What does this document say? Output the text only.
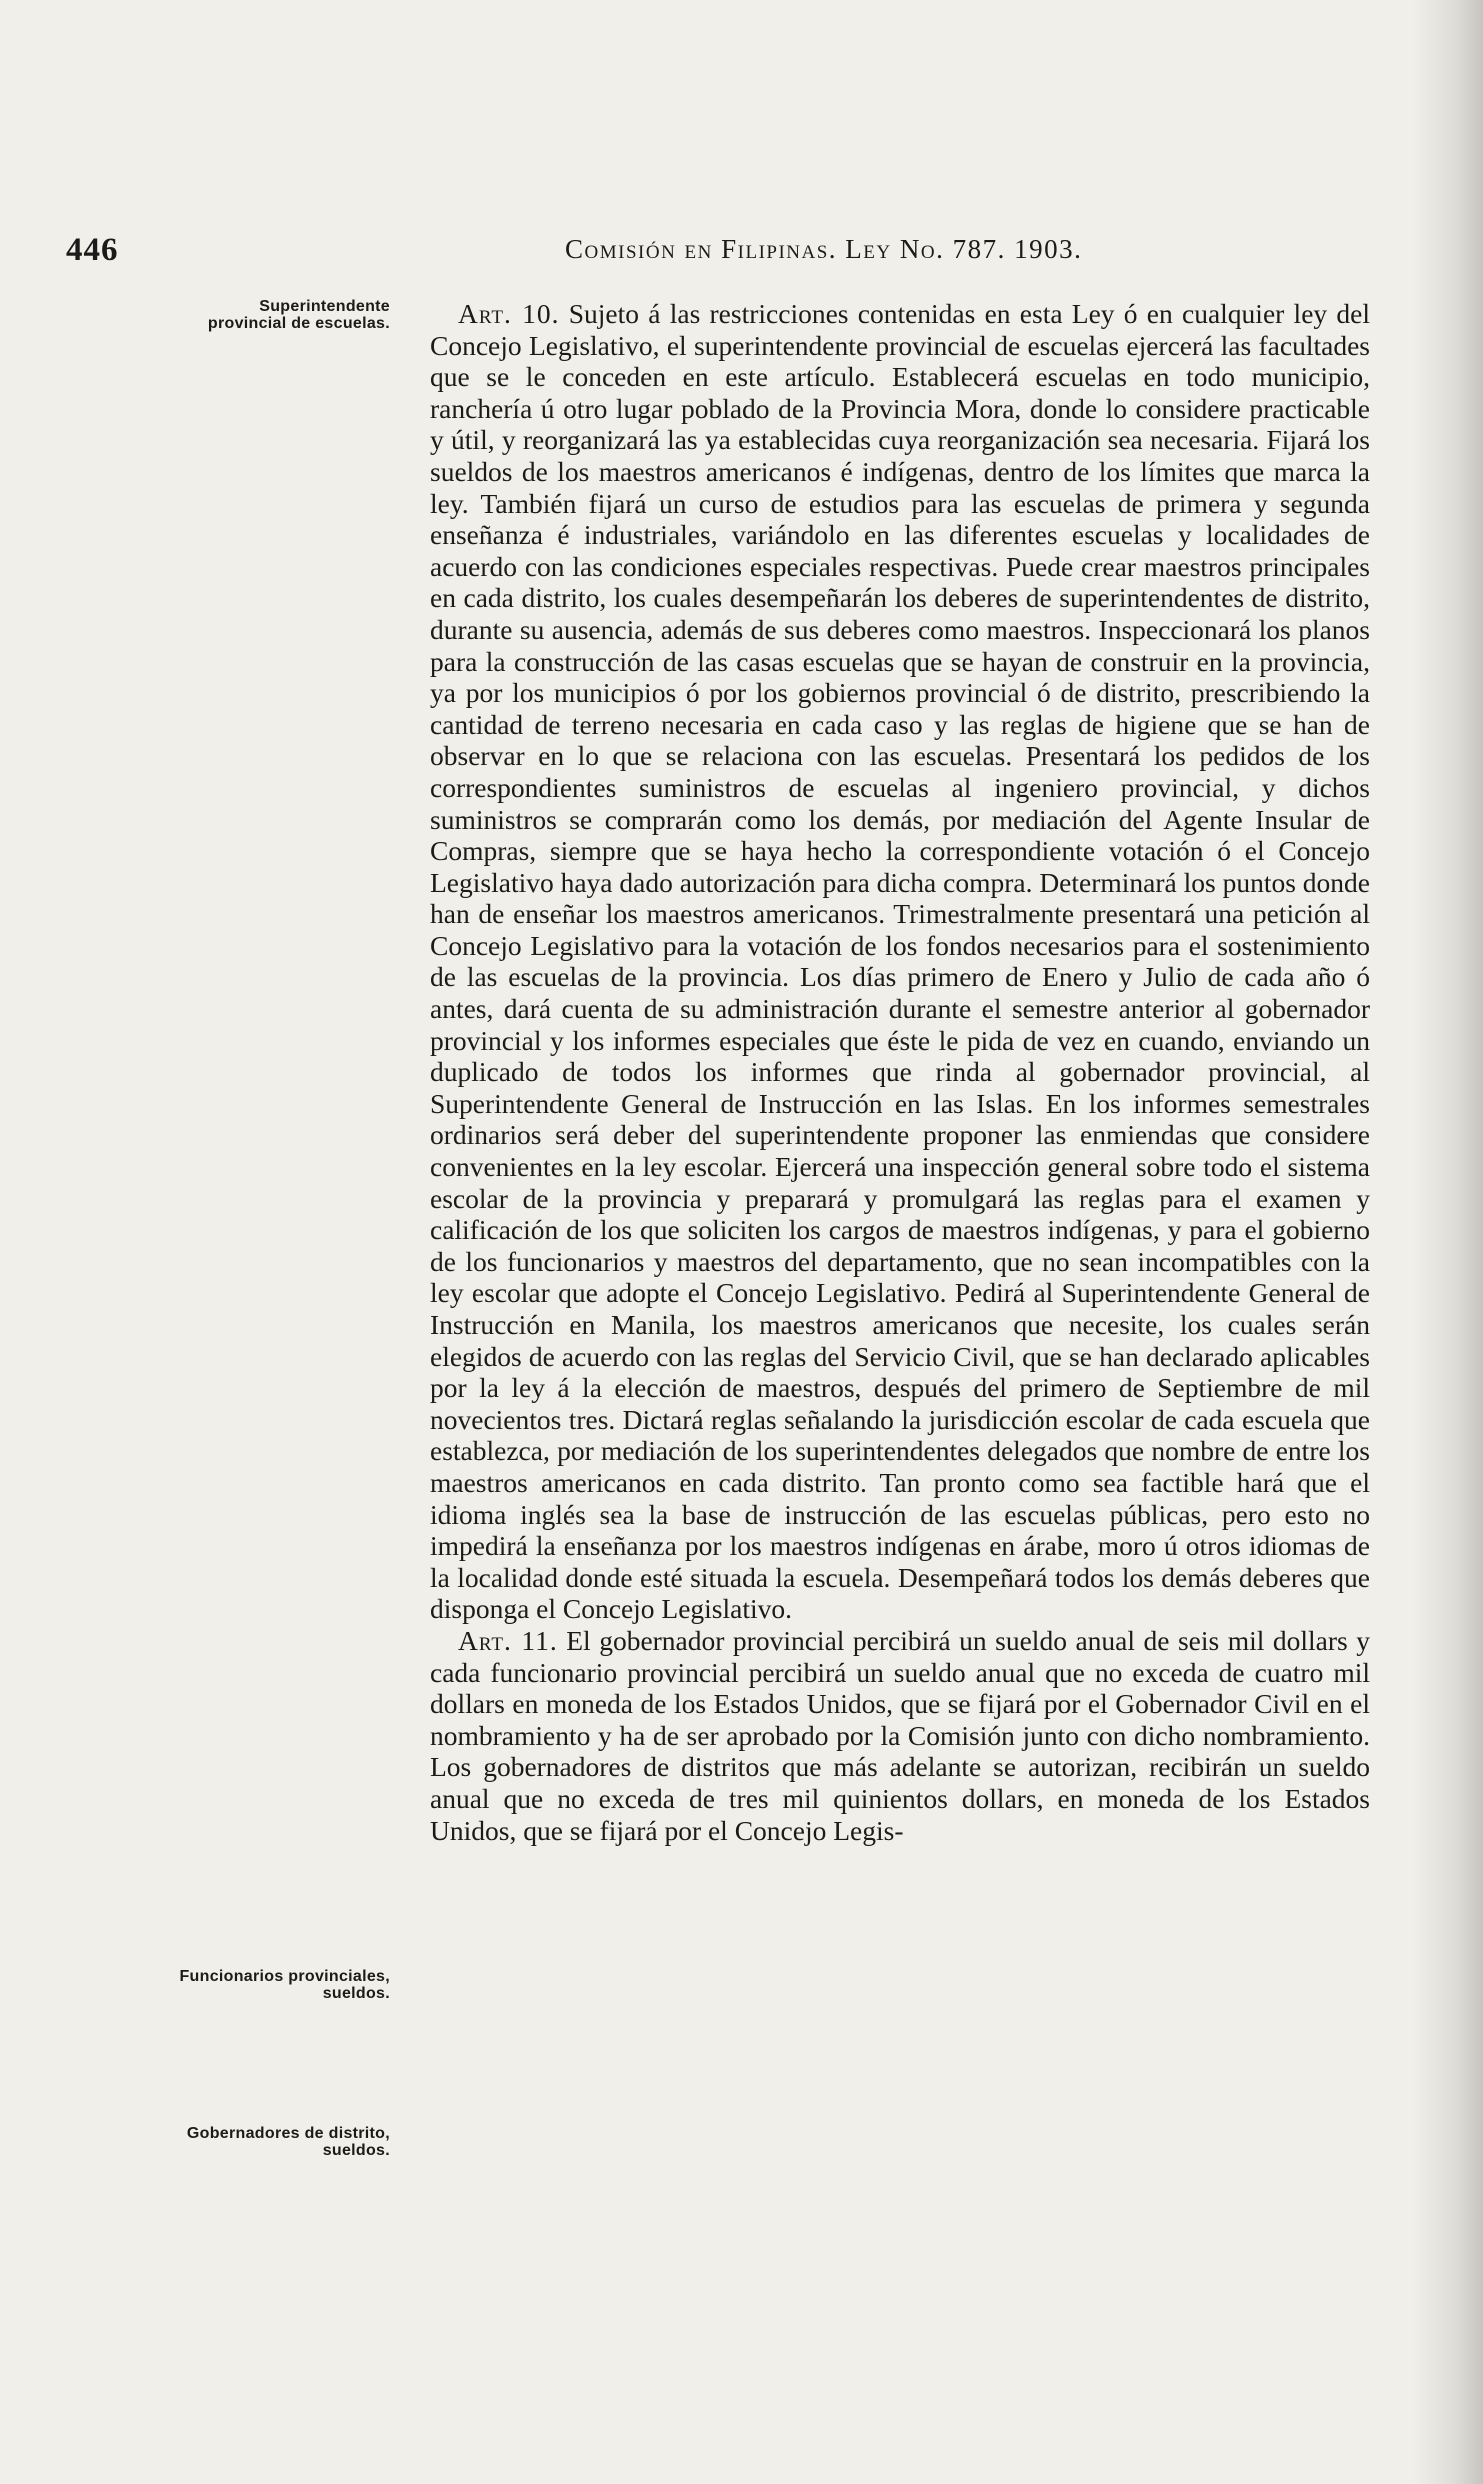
446	Comisión en Filipinas. Ley No. 787. 1903.
Superintendente provincial de escuelas.
Funcionarios provinciales, sueldos.
Gobernadores de distrito, sueldos.

Art. 10. Sujeto á las restricciones contenidas en esta Ley ó en cualquier ley del Concejo Legislativo, el superintendente provincial de escuelas ejercerá las facultades que se le conceden en este artículo. Establecerá escuelas en todo municipio, ranchería ú otro lugar poblado de la Provincia Mora, donde lo considere practicable y útil, y reorganizará las ya establecidas cuya reorganización sea necesaria. Fijará los sueldos de los maestros americanos é indígenas, dentro de los límites que marca la ley. También fijará un curso de estudios para las escuelas de primera y segunda enseñanza é industriales, variándolo en las diferentes escuelas y localidades de acuerdo con las condiciones especiales respectivas. Puede crear maestros principales en cada distrito, los cuales desempeñarán los deberes de superintendentes de distrito, durante su ausencia, además de sus deberes como maestros. Inspeccionará los planos para la construcción de las casas escuelas que se hayan de construir en la provincia, ya por los municipios ó por los gobiernos provincial ó de distrito, prescribiendo la cantidad de terreno necesaria en cada caso y las reglas de higiene que se han de observar en lo que se relaciona con las escuelas. Presentará los pedidos de los correspondientes suministros de escuelas al ingeniero provincial, y dichos suministros se comprarán como los demás, por mediación del Agente Insular de Compras, siempre que se haya hecho la correspondiente votación ó el Concejo Legislativo haya dado autorización para dicha compra. Determinará los puntos donde han de enseñar los maestros americanos. Trimestralmente presentará una petición al Concejo Legislativo para la votación de los fondos necesarios para el sostenimiento de las escuelas de la provincia. Los días primero de Enero y Julio de cada año ó antes, dará cuenta de su administración durante el semestre anterior al gobernador provincial y los informes especiales que éste le pida de vez en cuando, enviando un duplicado de todos los informes que rinda al gobernador provincial, al Superintendente General de Instrucción en las Islas. En los informes semestrales ordinarios será deber del superintendente proponer las enmiendas que considere convenientes en la ley escolar. Ejercerá una inspección general sobre todo el sistema escolar de la provincia y preparará y promulgará las reglas para el examen y calificación de los que soliciten los cargos de maestros indígenas, y para el gobierno de los funcionarios y maestros del departamento, que no sean incompatibles con la ley escolar que adopte el Concejo Legislativo. Pedirá al Superintendente General de Instrucción en Manila, los maestros americanos que necesite, los cuales serán elegidos de acuerdo con las reglas del Servicio Civil, que se han declarado aplicables por la ley á la elección de maestros, después del primero de Septiembre de mil novecientos tres. Dictará reglas señalando la jurisdicción escolar de cada escuela que establezca, por mediación de los superintendentes delegados que nombre de entre los maestros americanos en cada distrito. Tan pronto como sea factible hará que el idioma inglés sea la base de instrucción de las escuelas públicas, pero esto no impedirá la enseñanza por los maestros indígenas en árabe, moro ú otros idiomas de la localidad donde esté situada la escuela. Desempeñará todos los demás deberes que disponga el Concejo Legislativo.

Art. 11. El gobernador provincial percibirá un sueldo anual de seis mil dollars y cada funcionario provincial percibirá un sueldo anual que no exceda de cuatro mil dollars en moneda de los Estados Unidos, que se fijará por el Gobernador Civil en el nombramiento y ha de ser aprobado por la Comisión junto con dicho nombramiento. Los gobernadores de distritos que más adelante se autorizan, recibirán un sueldo anual que no exceda de tres mil quinientos dollars, en moneda de los Estados Unidos, que se fijará por el Concejo Legis-
